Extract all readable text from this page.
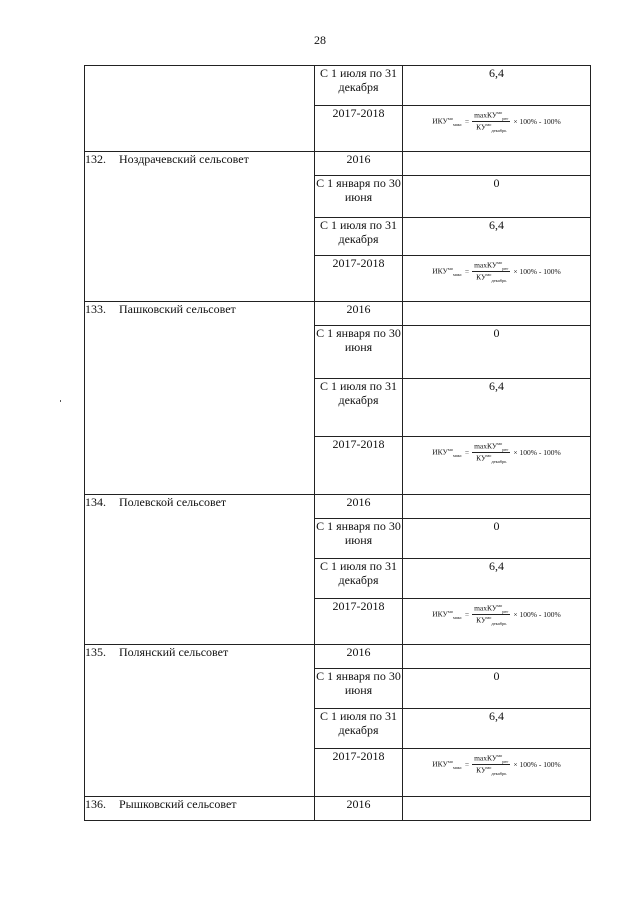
28
	С 1 июля по 31 декабря	6,4
	2017-2018	$ИКУ^{мо}_{макс} = \frac{\max КУ^{мо}_{рег}}{КУ^{мо}_{декабрь}} \times 100\% - 100\%$

132. Ноздрачевский сельсовет	2016	
	С 1 января по 30 июня	0
	С 1 июля по 31 декабря	6,4
	2017-2018	$ИКУ^{мо}_{макс} = \frac{\max КУ^{мо}_{рег}}{КУ^{мо}_{декабрь}} \times 100\% - 100\%$

133. Пашковский сельсовет	2016	
	С 1 января по 30 июня	0
	С 1 июля по 31 декабря	6,4
	2017-2018	$ИКУ^{мо}_{макс} = \frac{\max КУ^{мо}_{рег}}{КУ^{мо}_{декабрь}} \times 100\% - 100\%$

134. Полевской сельсовет	2016	
	С 1 января по 30 июня	0
	С 1 июля по 31 декабря	6,4
	2017-2018	$ИКУ^{мо}_{макс} = \frac{\max КУ^{мо}_{рег}}{КУ^{мо}_{декабрь}} \times 100\% - 100\%$

135. Полянский сельсовет	2016	
	С 1 января по 30 июня	0
	С 1 июля по 31 декабря	6,4
	2017-2018	$ИКУ^{мо}_{макс} = \frac{\max КУ^{мо}_{рег}}{КУ^{мо}_{декабрь}} \times 100\% - 100\%$

136. Рышковский сельсовет	2016	
